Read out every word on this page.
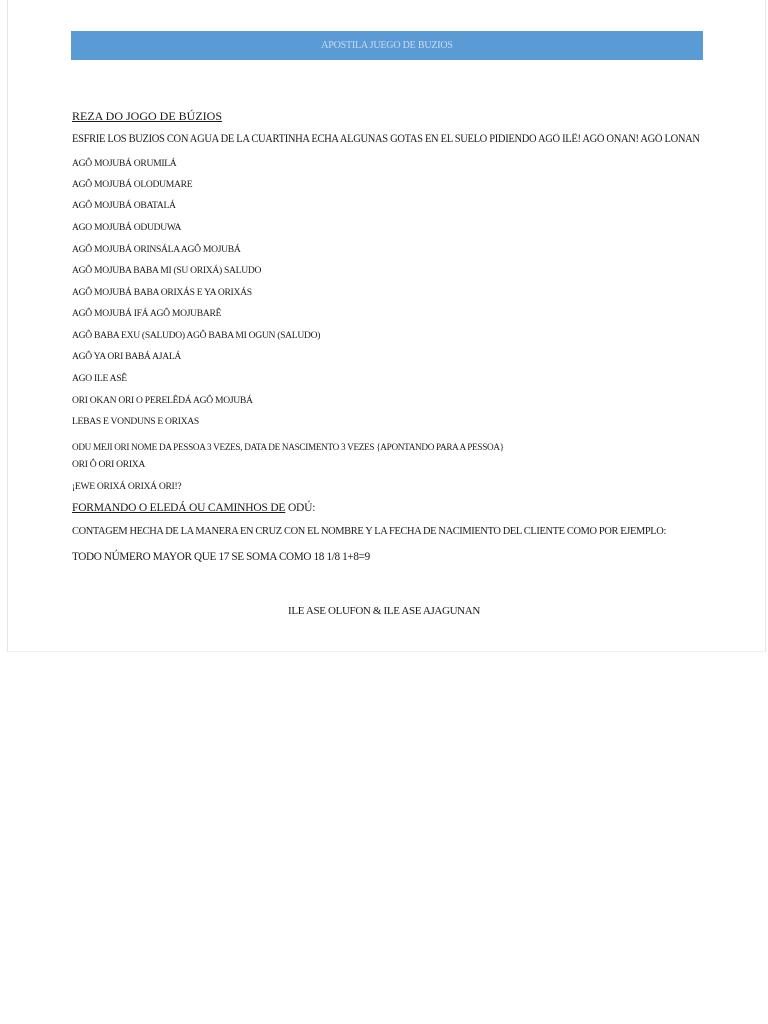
APOSTILA JUEGO DE BUZIOS
REZA DO JOGO DE BÚZIOS
ESFRIE LOS BUZIOS CON AGUA DE LA CUARTINHA ECHA ALGUNAS GOTAS EN EL SUELO PIDIENDO AGÔ ILÊ! AGÔ ONAN! AGÔ LONAN
AGÔ MOJUBÁ ORUMILÁ
AGÔ MOJUBÁ OLODUMARE
AGÔ MOJUBÁ OBATALÁ
AGO MOJUBÁ ODUDUWA
AGÔ MOJUBÁ ORINSÁLA AGÔ MOJUBÁ
AGÔ MOJUBA BABA MI (SU ORIXÁ) SALUDO
AGÔ MOJUBÁ BABA ORIXÁS E YA ORIXÁS
AGÔ MOJUBÁ IFÁ AGÔ MOJUBARÊ
AGÔ BABA EXU (SALUDO) AGÔ BABA MI OGUN (SALUDO)
AGÔ YA ORI BABÁ AJALÁ
AGO ILE ASÊ
ORI OKAN ORI O PERELÊDÁ AGÔ MOJUBÁ
LEBAS E VONDUNS E ORIXAS
ODU MEJI ORI NOME DA PESSOA 3 VEZES, DATA DE NASCIMENTO 3 VEZES {APONTANDO PARA A PESSOA}
ORI Ô ORI ORIXA
¡EWE ORIXÁ ORIXÁ ORI!?
FORMANDO O ELEDÁ OU CAMINHOS DE ODÚ:
CONTAGEM HECHA DE LA MANERA EN CRUZ CON EL NOMBRE Y LA FECHA DE NACIMIENTO DEL CLIENTE COMO POR EJEMPLO:
TODO NÚMERO MAYOR QUE 17 SE SOMA COMO 18 1/8 1+8=9
ILE ASE OLUFON & ILE ASE AJAGUNAN
